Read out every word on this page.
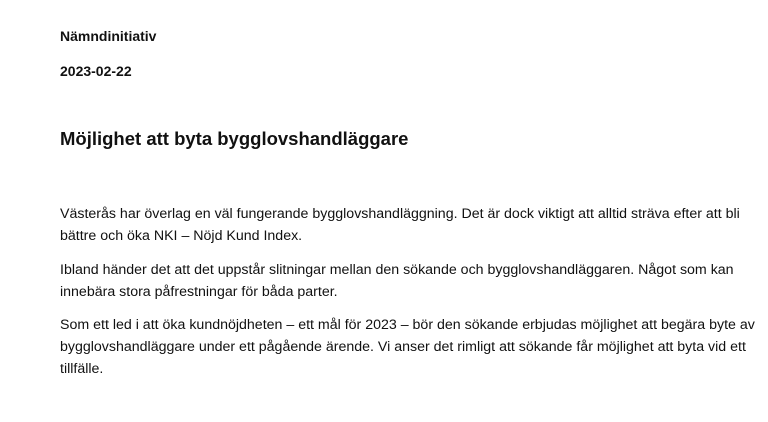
Nämndinitiativ

2023-02-22

Möjlighet att byta bygglovshandläggare

Västerås har överlag en väl fungerande bygglovshandläggning. Det är dock viktigt att alltid sträva efter att bli bättre och öka NKI – Nöjd Kund Index.

Ibland händer det att det uppstår slitningar mellan den sökande och bygglovshandläggaren. Något som kan innebära stora påfrestningar för båda parter.

Som ett led i att öka kundnöjdheten – ett mål för 2023 – bör den sökande erbjudas möjlighet att begära byte av bygglovshandläggare under ett pågående ärende. Vi anser det rimligt att sökande får möjlighet att byta vid ett tillfälle.
